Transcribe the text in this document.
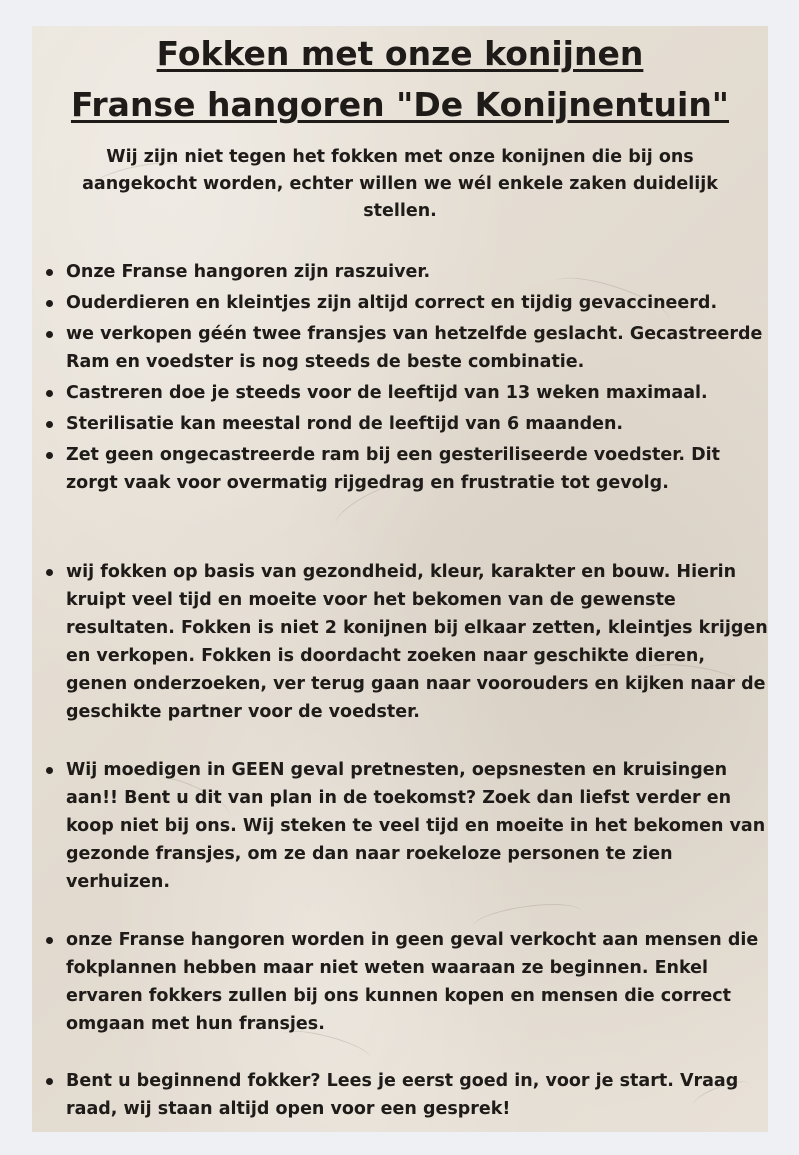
Fokken met onze konijnen
Franse hangoren "De Konijnentuin"

Wij zijn niet tegen het fokken met onze konijnen die bij ons aangekocht worden, echter willen we wél enkele zaken duidelijk stellen.

Onze Franse hangoren zijn raszuiver.
Ouderdieren en kleintjes zijn altijd correct en tijdig gevaccineerd.
we verkopen géén twee fransjes van hetzelfde geslacht. Gecastreerde Ram en voedster is nog steeds de beste combinatie.
Castreren doe je steeds voor de leeftijd van 13 weken maximaal.
Sterilisatie kan meestal rond de leeftijd van 6 maanden.
Zet geen ongecastreerde ram bij een gesteriliseerde voedster. Dit zorgt vaak voor overmatig rijgedrag en frustratie tot gevolg.
wij fokken op basis van gezondheid, kleur, karakter en bouw. Hierin kruipt veel tijd en moeite voor het bekomen van de gewenste resultaten. Fokken is niet 2 konijnen bij elkaar zetten, kleintjes krijgen en verkopen. Fokken is doordacht zoeken naar geschikte dieren, genen onderzoeken, ver terug gaan naar voorouders en kijken naar de geschikte partner voor de voedster.
Wij moedigen in GEEN geval pretnesten, oepsnesten en kruisingen aan!! Bent u dit van plan in de toekomst? Zoek dan liefst verder en koop niet bij ons. Wij steken te veel tijd en moeite in het bekomen van gezonde fransjes, om ze dan naar roekeloze personen te zien verhuizen.
onze Franse hangoren worden in geen geval verkocht aan mensen die fokplannen hebben maar niet weten waaraan ze beginnen. Enkel ervaren fokkers zullen bij ons kunnen kopen en mensen die correct omgaan met hun fransjes.
Bent u beginnend fokker? Lees je eerst goed in, voor je start. Vraag raad, wij staan altijd open voor een gesprek!
